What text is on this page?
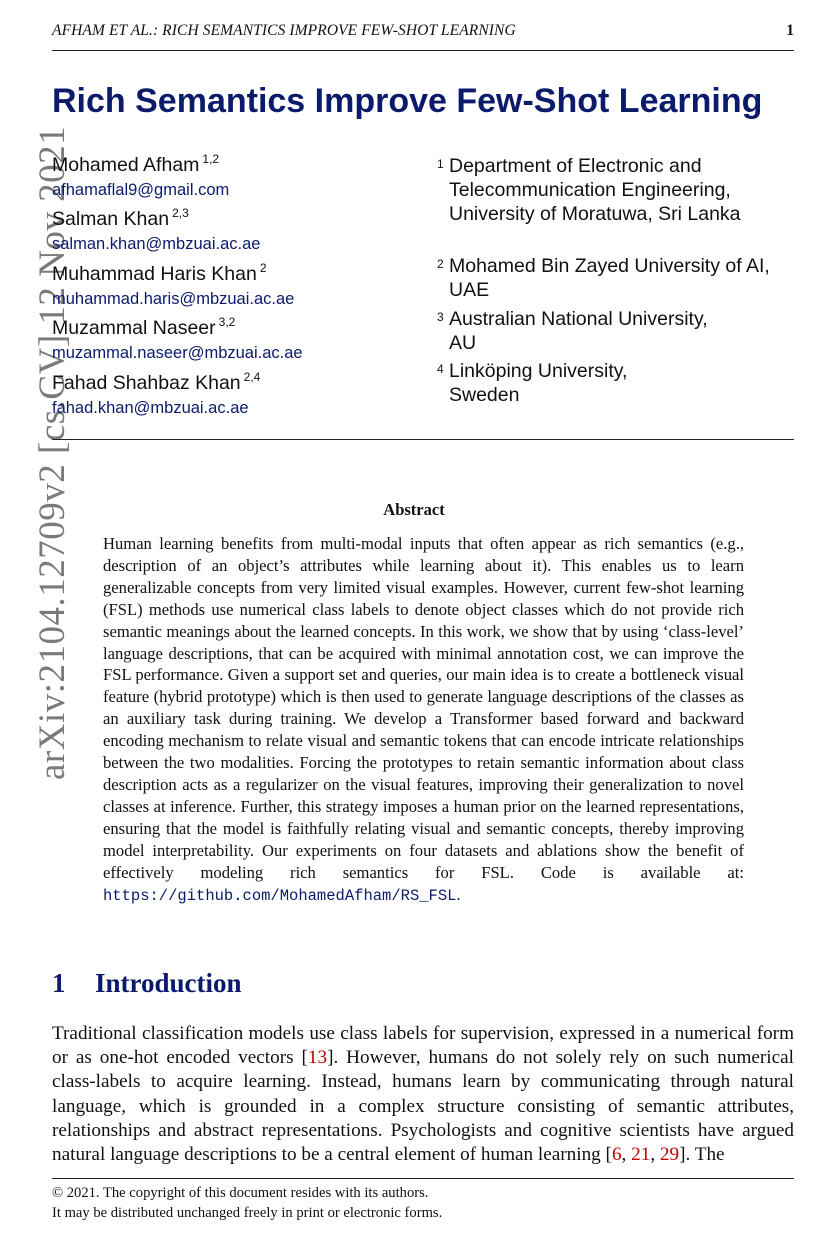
AFHAM ET AL.: RICH SEMANTICS IMPROVE FEW-SHOT LEARNING	1
arXiv:2104.12709v2 [cs.CV] 12 Nov 2021
Rich Semantics Improve Few-Shot Learning
Mohamed Afham $^{1,2}$
afhamaflal9@gmail.com
Salman Khan $^{2,3}$
salman.khan@mbzuai.ac.ae
Muhammad Haris Khan $^2$
muhammad.haris@mbzuai.ac.ae
Muzammal Naseer $^{3,2}$
muzammal.naseer@mbzuai.ac.ae
Fahad Shahbaz Khan $^{2,4}$
fahad.khan@mbzuai.ac.ae
1 Department of Electronic and Telecommunication Engineering, University of Moratuwa, Sri Lanka
2 Mohamed Bin Zayed University of AI, UAE
3 Australian National University, AU
4 Linköping University, Sweden
Abstract
Human learning benefits from multi-modal inputs that often appear as rich semantics (e.g., description of an object’s attributes while learning about it). This enables us to learn generalizable concepts from very limited visual examples. However, current few-shot learning (FSL) methods use numerical class labels to denote object classes which do not provide rich semantic meanings about the learned concepts. In this work, we show that by using ‘class-level’ language descriptions, that can be acquired with minimal annotation cost, we can improve the FSL performance. Given a support set and queries, our main idea is to create a bottleneck visual feature (hybrid prototype) which is then used to generate language descriptions of the classes as an auxiliary task during training. We develop a Transformer based forward and backward encoding mechanism to relate visual and semantic tokens that can encode intricate relationships between the two modalities. Forcing the prototypes to retain semantic information about class description acts as a regularizer on the visual features, improving their generalization to novel classes at inference. Further, this strategy imposes a human prior on the learned representations, ensuring that the model is faithfully relating visual and semantic concepts, thereby improving model interpretability. Our experiments on four datasets and ablations show the benefit of effectively modeling rich semantics for FSL. Code is available at: https://github.com/MohamedAfham/RS_FSL.
1 Introduction
Traditional classification models use class labels for supervision, expressed in a numerical form or as one-hot encoded vectors [13]. However, humans do not solely rely on such numerical class-labels to acquire learning. Instead, humans learn by communicating through natural language, which is grounded in a complex structure consisting of semantic attributes, relationships and abstract representations. Psychologists and cognitive scientists have argued natural language descriptions to be a central element of human learning [6, 21, 29]. The
© 2021. The copyright of this document resides with its authors.
It may be distributed unchanged freely in print or electronic forms.
